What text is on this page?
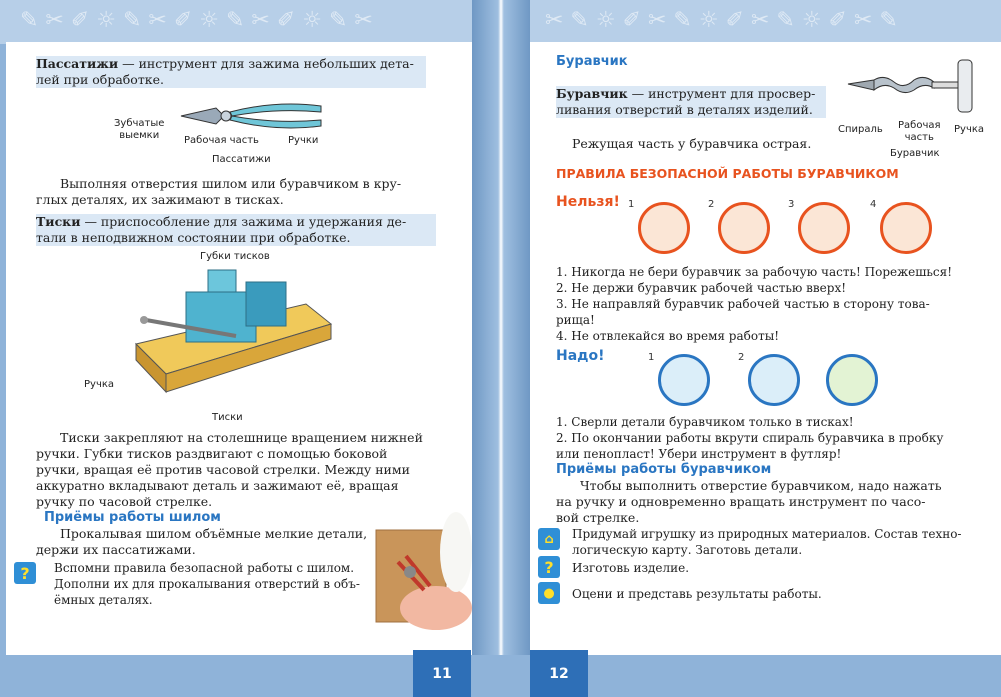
✎ ✂ ✐ ☼ ✎ ✂ ✐ ☼ ✎ ✂ ✐ ☼ ✎ ✂	✂ ✎ ☼ ✐ ✂ ✎ ☼ ✐ ✂ ✎ ☼ ✐ ✂ ✎
Пассатижи — инструмент для зажима небольших дета-
лей при обработке.
Зубчатые
выемки	Рабочая часть	Ручки
Пассатижи
Выполняя отверстия шилом или буравчиком в кру-
глых деталях, их зажимают в тисках.
Тиски — приспособление для зажима и удержания де-
тали в неподвижном состоянии при обработке.
Губки тисков
Ручка
Тиски
Тиски закрепляют на столешнице вращением нижней
ручки. Губки тисков раздвигают с помощью боковой
ручки, вращая её против часовой стрелки. Между ними
аккуратно вкладывают деталь и зажимают её, вращая
ручку по часовой стрелке.
Приёмы работы шилом
Прокалывая шилом объёмные мелкие детали,
держи их пассатижами.
?	Вспомни правила безопасной работы с шилом.
Дополни их для прокалывания отверстий в объ-
ёмных деталях.
11
Буравчик
Буравчик — инструмент для просвер-
ливания отверстий в деталях изделий.
Режущая часть у буравчика острая.
Спираль Рабочая
часть
Ручка
Буравчик
ПРАВИЛА БЕЗОПАСНОЙ РАБОТЫ БУРАВЧИКОМ
Нельзя! 1	2	3	4
1. Никогда не бери буравчик за рабочую часть! Порежешься!
2. Не держи буравчик рабочей частью вверх!
3. Не направляй буравчик рабочей частью в сторону това-
рища!
4. Не отвлекайся во время работы!
Надо!	1	2
1. Сверли детали буравчиком только в тисках!
2. По окончании работы вкрути спираль буравчика в пробку
или пенопласт! Убери инструмент в футляр!
Приёмы работы буравчиком
Чтобы выполнить отверстие буравчиком, надо нажать
на ручку и одновременно вращать инструмент по часо-
вой стрелке.
⌂	Придумай игрушку из природных материалов. Состав техно-
логическую карту. Заготовь детали.
?	Изготовь изделие.
●	Оцени и представь результаты работы.
12
